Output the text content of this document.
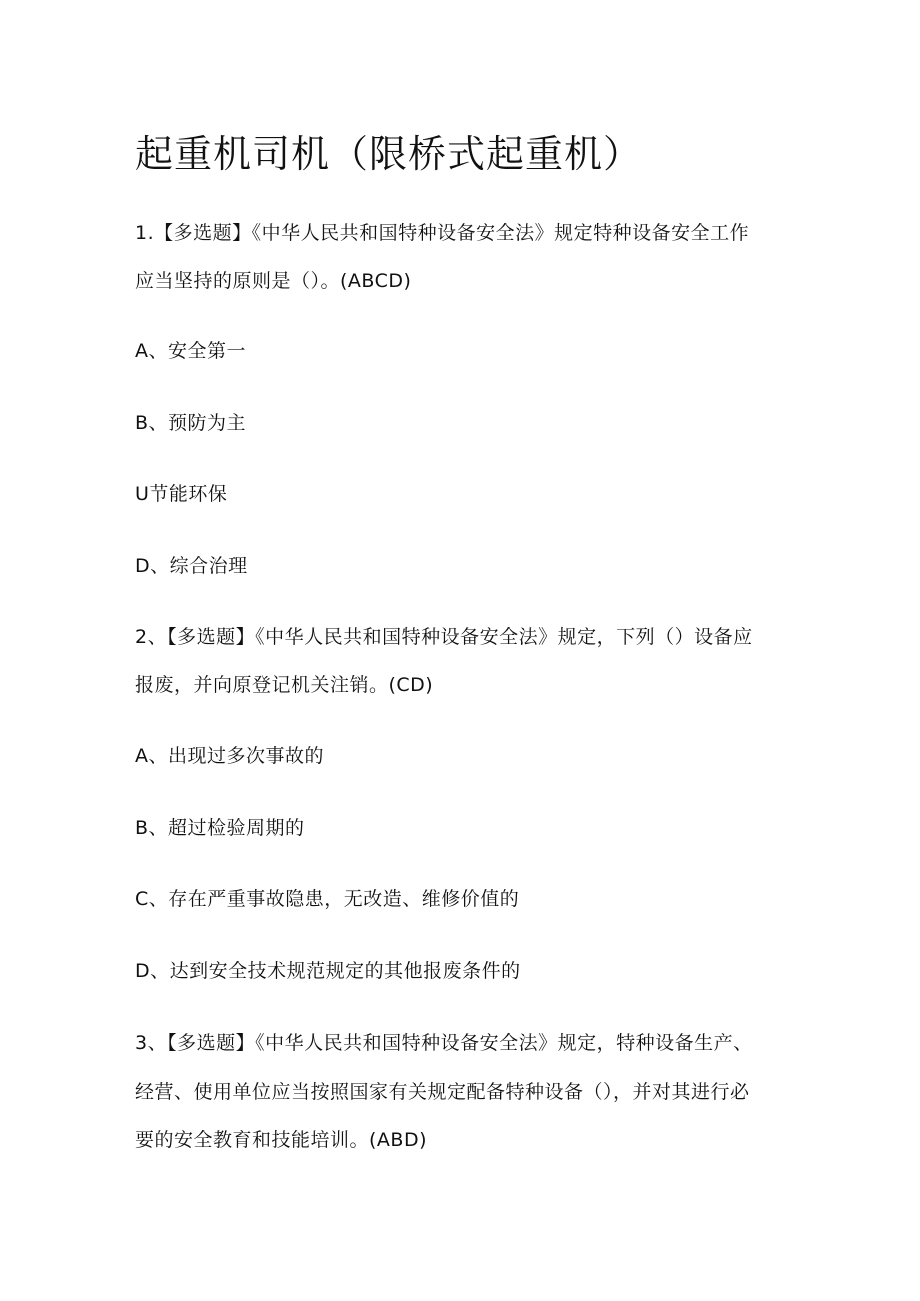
起重机司机（限桥式起重机）
1.【多选题】《中华人民共和国特种设备安全法》规定特种设备安全工作
应当坚持的原则是（）。(ABCD)
A、安全第一
B、预防为主
U节能环保
D、综合治理
2、【多选题】《中华人民共和国特种设备安全法》规定，下列（）设备应
报废，并向原登记机关注销。(CD)
A、出现过多次事故的
B、超过检验周期的
C、存在严重事故隐患，无改造、维修价值的
D、达到安全技术规范规定的其他报废条件的
3、【多选题】《中华人民共和国特种设备安全法》规定，特种设备生产、
经营、使用单位应当按照国家有关规定配备特种设备（），并对其进行必
要的安全教育和技能培训。(ABD)
